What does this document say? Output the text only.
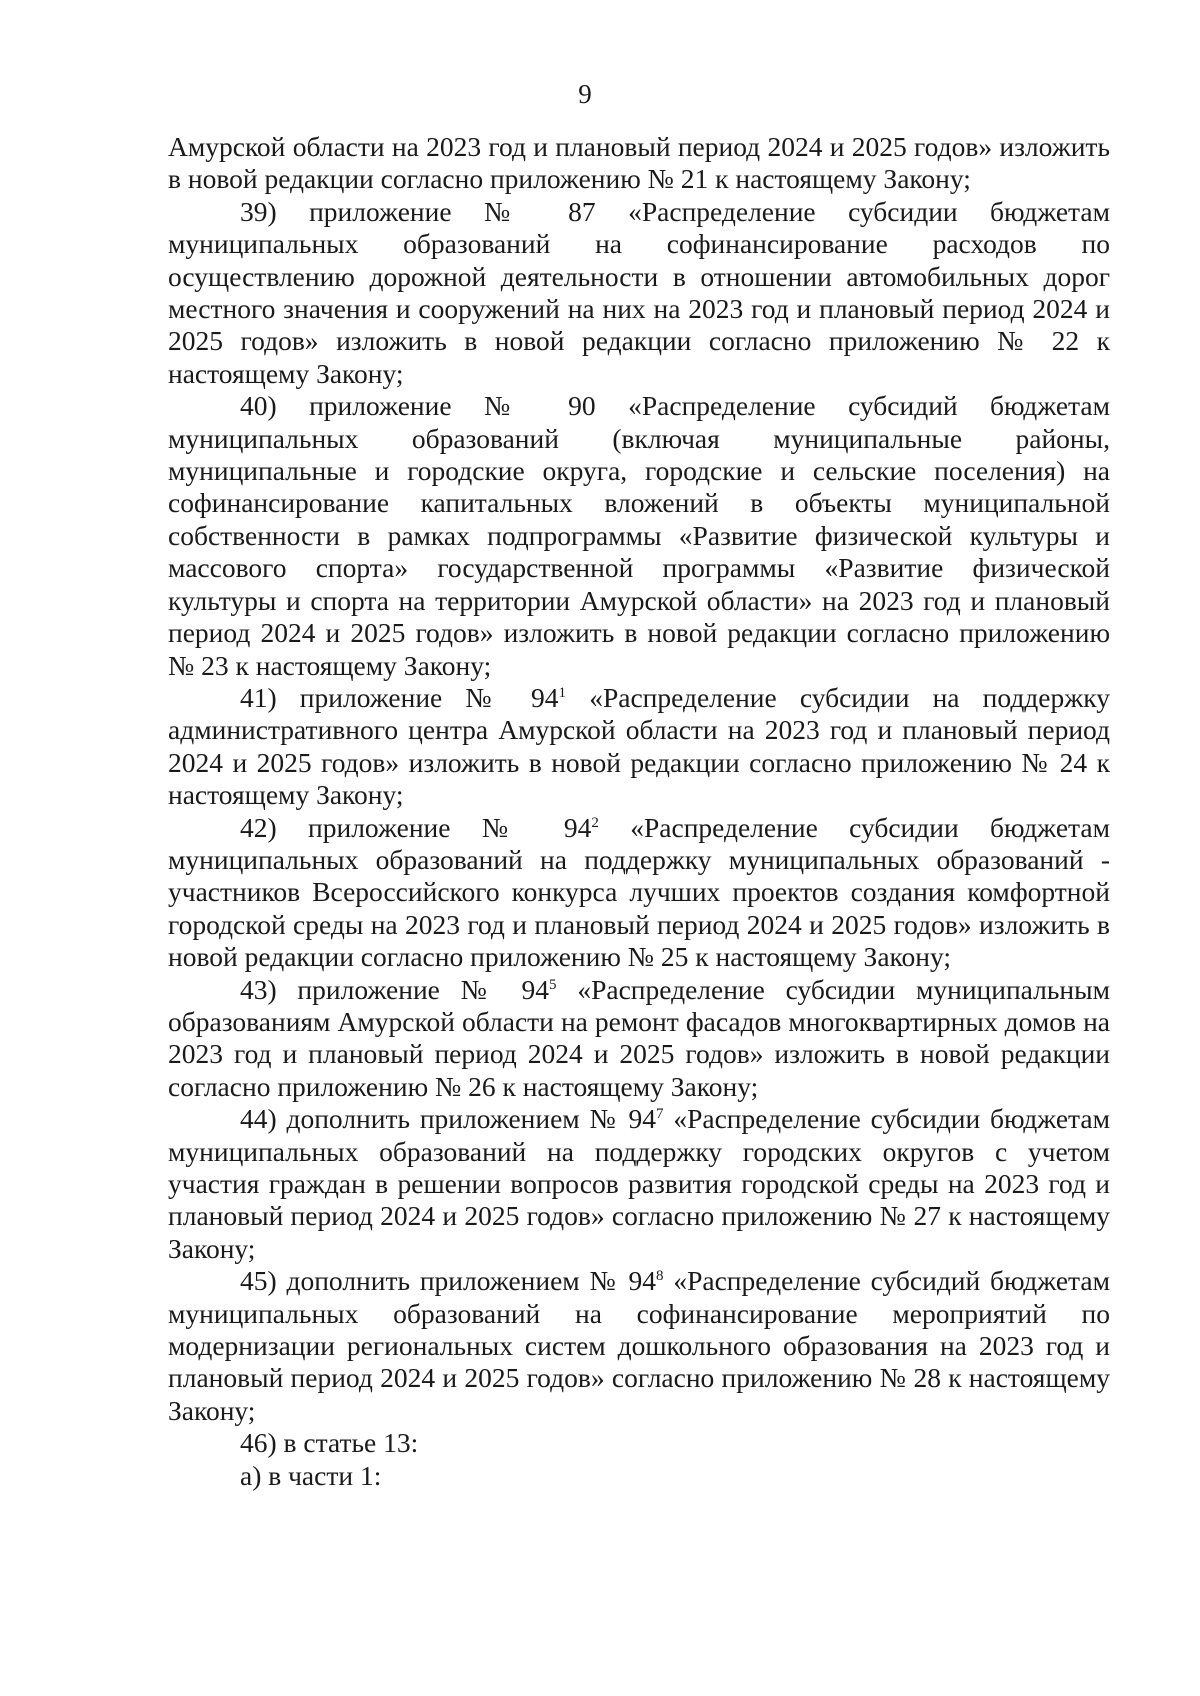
9

Амурской области на 2023 год и плановый период 2024 и 2025 годов» изложить в новой редакции согласно приложению № 21 к настоящему Закону;

39) приложение № 87 «Распределение субсидии бюджетам муниципальных образований на софинансирование расходов по осуществлению дорожной деятельности в отношении автомобильных дорог местного значения и сооружений на них на 2023 год и плановый период 2024 и 2025 годов» изложить в новой редакции согласно приложению № 22 к настоящему Закону;

40) приложение № 90 «Распределение субсидий бюджетам муниципальных образований (включая муниципальные районы, муниципальные и городские округа, городские и сельские поселения) на софинансирование капитальных вложений в объекты муниципальной собственности в рамках подпрограммы «Развитие физической культуры и массового спорта» государственной программы «Развитие физической культуры и спорта на территории Амурской области» на 2023 год и плановый период 2024 и 2025 годов» изложить в новой редакции согласно приложению № 23 к настоящему Закону;

41) приложение № $94^1$ «Распределение субсидии на поддержку административного центра Амурской области на 2023 год и плановый период 2024 и 2025 годов» изложить в новой редакции согласно приложению № 24 к настоящему Закону;

42) приложение № $94^2$ «Распределение субсидии бюджетам муниципальных образований на поддержку муниципальных образований - участников Всероссийского конкурса лучших проектов создания комфортной городской среды на 2023 год и плановый период 2024 и 2025 годов» изложить в новой редакции согласно приложению № 25 к настоящему Закону;

43) приложение № $94^5$ «Распределение субсидии муниципальным образованиям Амурской области на ремонт фасадов многоквартирных домов на 2023 год и плановый период 2024 и 2025 годов» изложить в новой редакции согласно приложению № 26 к настоящему Закону;

44) дополнить приложением № $94^7$ «Распределение субсидии бюджетам муниципальных образований на поддержку городских округов с учетом участия граждан в решении вопросов развития городской среды на 2023 год и плановый период 2024 и 2025 годов» согласно приложению № 27 к настоящему Закону;

45) дополнить приложением № $94^8$ «Распределение субсидий бюджетам муниципальных образований на софинансирование мероприятий по модернизации региональных систем дошкольного образования на 2023 год и плановый период 2024 и 2025 годов» согласно приложению № 28 к настоящему Закону;

46) в статье 13:

а) в части 1:
